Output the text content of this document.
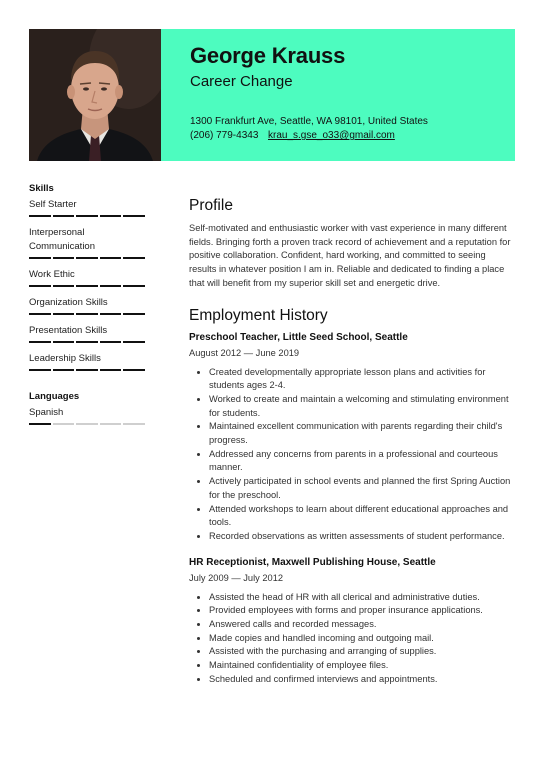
George Krauss
Career Change
1300 Frankfurt Ave, Seattle, WA 98101, United States
(206) 779-4343 krau_s.gse_o33@gmail.com
Skills
Self Starter
Interpersonal Communication
Work Ethic
Organization Skills
Presentation Skills
Leadership Skills
Languages
Spanish
Profile

Self-motivated and enthusiastic worker with vast experience in many different fields. Bringing forth a proven track record of achievement and a reputation for positive collaboration. Confident, hard working, and committed to seeing results in whatever position I am in. Reliable and dedicated to finding a place that will benefit from my superior skill set and energetic drive.

Employment History
Preschool Teacher, Little Seed School, Seattle
August 2012 — June 2019
• Created developmentally appropriate lesson plans and activities for students ages 2-4.
• Worked to create and maintain a welcoming and stimulating environment for students.
• Maintained excellent communication with parents regarding their child's progress.
• Addressed any concerns from parents in a professional and courteous manner.
• Actively participated in school events and planned the first Spring Auction for the preschool.
• Attended workshops to learn about different educational approaches and tools.
• Recorded observations as written assessments of student performance.
HR Receptionist, Maxwell Publishing House, Seattle
July 2009 — July 2012
• Assisted the head of HR with all clerical and administrative duties.
• Provided employees with forms and proper insurance applications.
• Answered calls and recorded messages.
• Made copies and handled incoming and outgoing mail.
• Assisted with the purchasing and arranging of supplies.
• Maintained confidentiality of employee files.
• Scheduled and confirmed interviews and appointments.
